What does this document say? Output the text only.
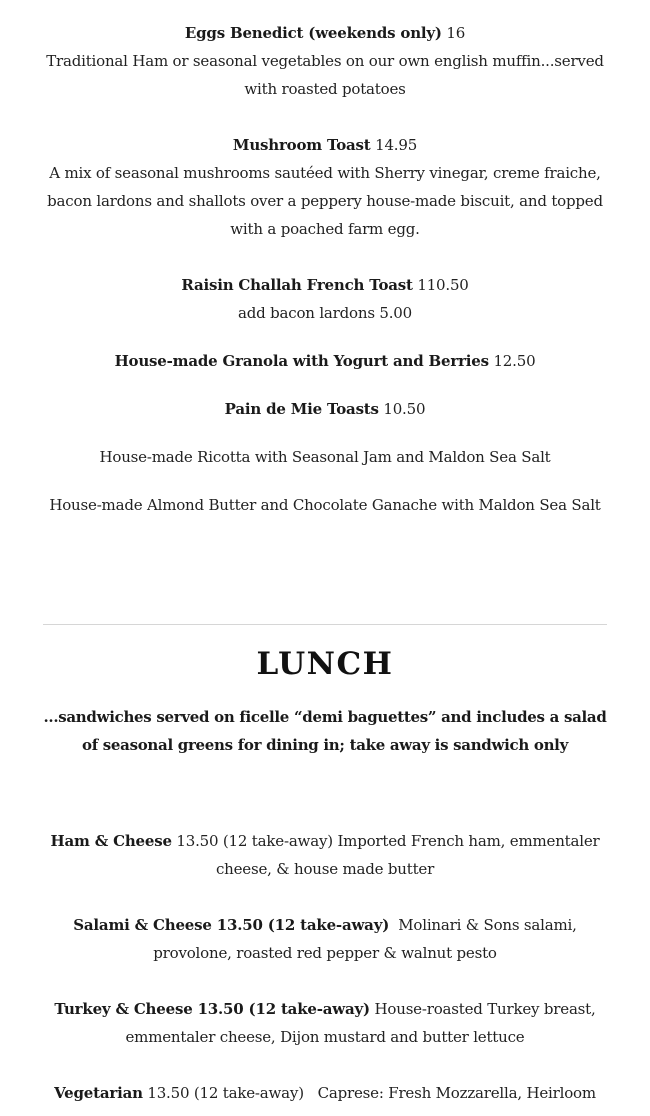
Eggs Benedict (weekends only) 16
Traditional Ham or seasonal vegetables on our own english muffin...served with roasted potatoes
Mushroom Toast 14.95
A mix of seasonal mushrooms sautéed with Sherry vinegar, creme fraiche, bacon lardons and shallots over a peppery house-made biscuit, and topped with a poached farm egg.
Raisin Challah French Toast 110.50
add bacon lardons 5.00
House-made Granola with Yogurt and Berries 12.50
Pain de Mie Toasts 10.50
House-made Ricotta with Seasonal Jam and Maldon Sea Salt
House-made Almond Butter and Chocolate Ganache with Maldon Sea Salt
LUNCH
...sandwiches served on ficelle “demi baguettes” and includes a salad of seasonal greens for dining in; take away is sandwich only
Ham & Cheese 13.50 (12 take-away) Imported French ham, emmentaler cheese, & house made butter
Salami & Cheese 13.50 (12 take-away) Molinari & Sons salami, provolone, roasted red pepper & walnut pesto
Turkey & Cheese 13.50 (12 take-away) House-roasted Turkey breast, emmentaler cheese, Dijon mustard and butter lettuce
Vegetarian 13.50 (12 take-away) Caprese: Fresh Mozzarella, Heirloom
